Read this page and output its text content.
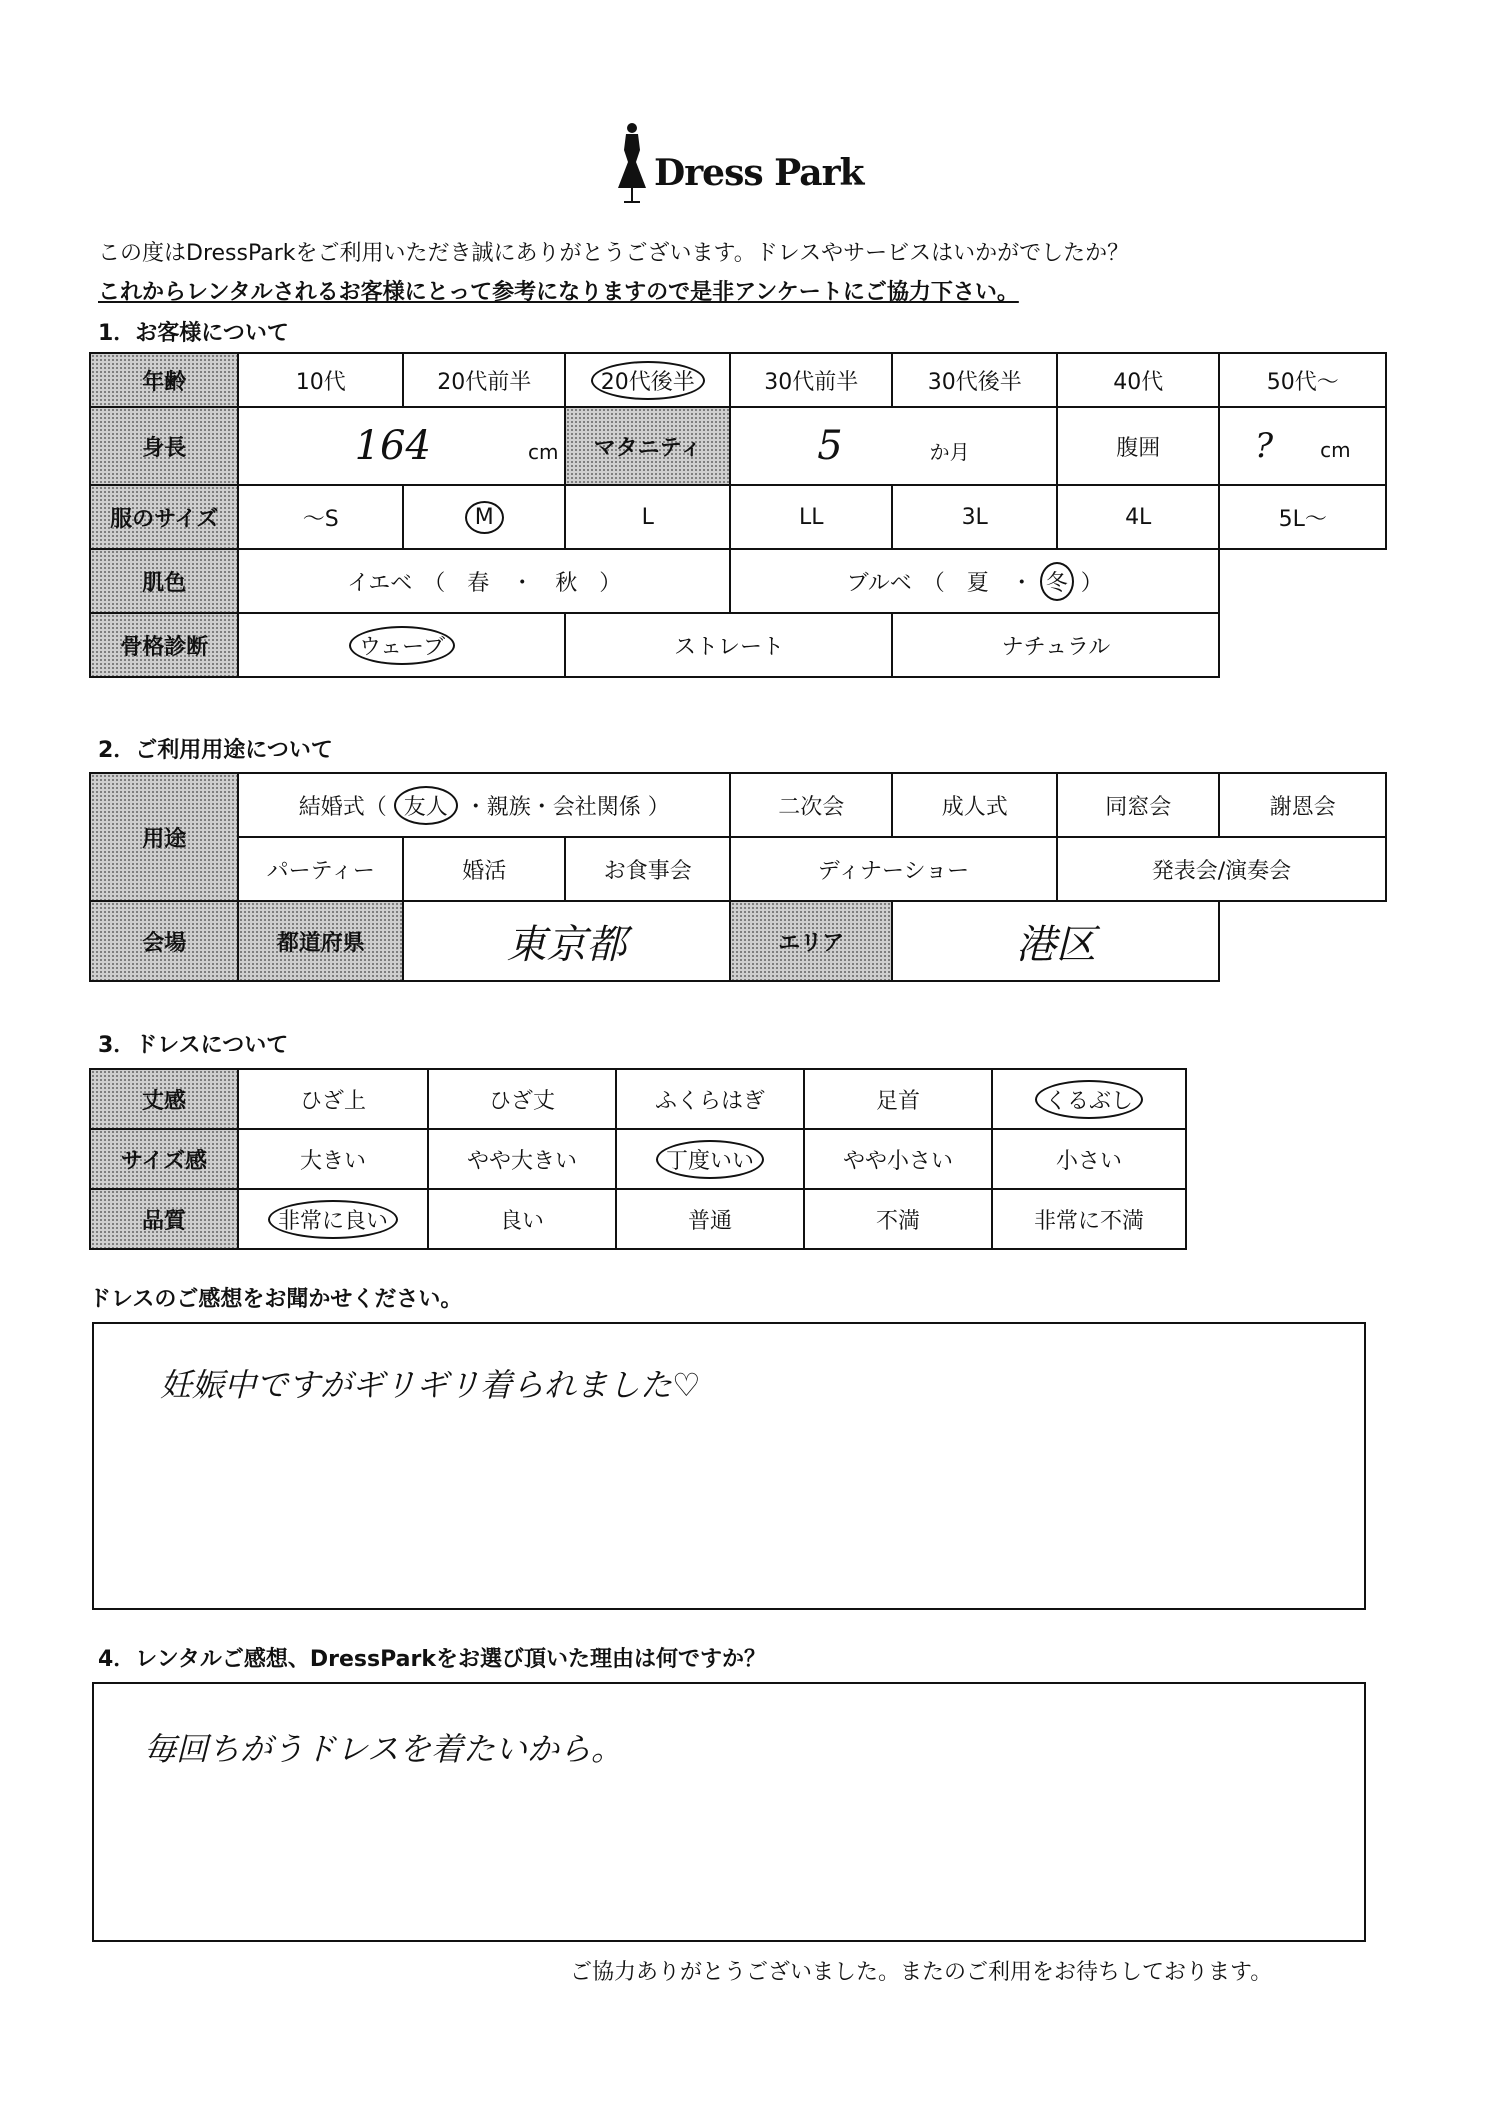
Dress Park
この度はDressParkをご利用いただき誠にありがとうございます。ドレスやサービスはいかがでしたか？
これからレンタルされるお客様にとって参考になりますので是非アンケートにご協力下さい。
1．お客様について
年齢	10代	20代前半	20代後半	30代前半	30代後半	40代	50代～
身長	164 cm		マタニティ	5 か月		腹囲	? cm
服のサイズ	～S	M	L	LL	3L	4L	5L～
肌色	イエベ　（　春　・　秋　）			ブルベ　（　夏　・ 冬 ）			
骨格診断	ウェーブ		ストレート		ナチュラル		
2．ご利用用途について
用途	結婚式（ 友人 ・親族・会社関係 ）			二次会	成人式	同窓会	謝恩会
	パーティー	婚活	お食事会	ディナーショー		発表会/演奏会	
会場	都道府県	東京都		エリア	港区		
3．ドレスについて
丈感	ひざ上	ひざ丈	ふくらはぎ	足首	くるぶし
サイズ感	大きい	やや大きい	丁度いい	やや小さい	小さい
品質	非常に良い	良い	普通	不満	非常に不満
ドレスのご感想をお聞かせください。
妊娠中ですがギリギリ着られました♡
4．レンタルご感想、DressParkをお選び頂いた理由は何ですか？
毎回ちがうドレスを着たいから。
ご協力ありがとうございました。またのご利用をお待ちしております。
